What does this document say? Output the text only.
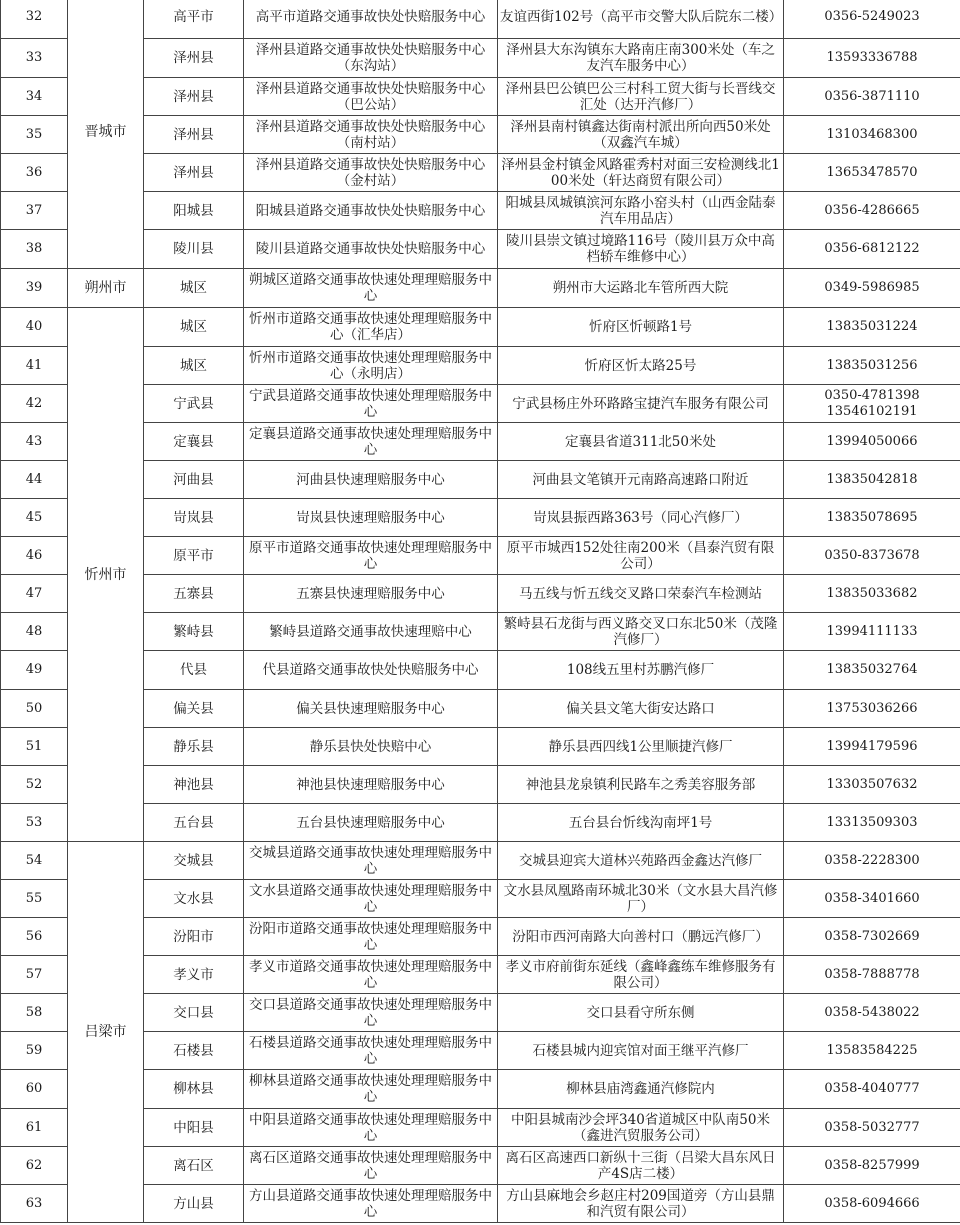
32	晋城市	高平市	高平市道路交通事故快处快赔服务中心	友谊西街102号（高平市交警大队后院东二楼）	0356-5249023
33		泽州县	泽州县道路交通事故快处快赔服务中心（东沟站）	泽州县大东沟镇东大路南庄南300米处（车之友汽车服务中心）	13593336788
34		泽州县	泽州县道路交通事故快处快赔服务中心（巴公站）	泽州县巴公镇巴公三村科工贸大街与长晋线交汇处（达开汽修厂）	0356-3871110
35		泽州县	泽州县道路交通事故快处快赔服务中心（南村站）	泽州县南村镇鑫达街南村派出所向西50米处（双鑫汽车城）	13103468300
36		泽州县	泽州县道路交通事故快处快赔服务中心（金村站）	泽州县金村镇金风路霍秀村对面三安检测线北100米处（轩达商贸有限公司）	13653478570
37		阳城县	阳城县道路交通事故快处快赔服务中心	阳城县凤城镇滨河东路小窑头村（山西金陆泰汽车用品店）	0356-4286665
38		陵川县	陵川县道路交通事故快处快赔服务中心	陵川县崇文镇过境路116号（陵川县万众中高档轿车维修中心）	0356-6812122
39	朔州市	城区	朔城区道路交通事故快速处理理赔服务中心	朔州市大运路北车管所西大院	0349-5986985
40	忻州市	城区	忻州市道路交通事故快速处理理赔服务中心（汇华店）	忻府区忻顿路1号	13835031224
41		城区	忻州市道路交通事故快速处理理赔服务中心（永明店）	忻府区忻太路25号	13835031256
42		宁武县	宁武县道路交通事故快速处理理赔服务中心	宁武县杨庄外环路路宝捷汽车服务有限公司	0350-4781398
13546102191
43		定襄县	定襄县道路交通事故快速处理理赔服务中心	定襄县省道311北50米处	13994050066
44		河曲县	河曲县快速理赔服务中心	河曲县文笔镇开元南路高速路口附近	13835042818
45		岢岚县	岢岚县快速理赔服务中心	岢岚县振西路363号（同心汽修厂）	13835078695
46		原平市	原平市道路交通事故快速处理理赔服务中心	原平市城西152处往南200米（昌泰汽贸有限公司）	0350-8373678
47		五寨县	五寨县快速理赔服务中心	马五线与忻五线交叉路口荣泰汽车检测站	13835033682
48		繁峙县	繁峙县道路交通事故快速理赔中心	繁峙县石龙街与西义路交叉口东北50米（茂隆汽修厂）	13994111133
49		代县	代县道路交通事故快处快赔服务中心	108线五里村苏鹏汽修厂	13835032764
50		偏关县	偏关县快速理赔服务中心	偏关县文笔大街安达路口	13753036266
51		静乐县	静乐县快处快赔中心	静乐县西四线1公里顺捷汽修厂	13994179596
52		神池县	神池县快速理赔服务中心	神池县龙泉镇利民路车之秀美容服务部	13303507632
53		五台县	五台县快速理赔服务中心	五台县台忻线沟南坪1号	13313509303
54	吕梁市	交城县	交城县道路交通事故快速处理理赔服务中心	交城县迎宾大道林兴苑路西金鑫达汽修厂	0358-2228300
55		文水县	文水县道路交通事故快速处理理赔服务中心	文水县凤凰路南环城北30米（文水县大昌汽修厂）	0358-3401660
56		汾阳市	汾阳市道路交通事故快速处理理赔服务中心	汾阳市西河南路大向善村口（鹏远汽修厂）	0358-7302669
57		孝义市	孝义市道路交通事故快速处理理赔服务中心	孝义市府前街东延线（鑫峰鑫练车维修服务有限公司）	0358-7888778
58		交口县	交口县道路交通事故快速处理理赔服务中心	交口县看守所东侧	0358-5438022
59		石楼县	石楼县道路交通事故快速处理理赔服务中心	石楼县城内迎宾馆对面王继平汽修厂	13583584225
60		柳林县	柳林县道路交通事故快速处理理赔服务中心	柳林县庙湾鑫通汽修院内	0358-4040777
61		中阳县	中阳县道路交通事故快速处理理赔服务中心	中阳县城南沙会坪340省道城区中队南50米（鑫进汽贸服务公司）	0358-5032777
62		离石区	离石区道路交通事故快速处理理赔服务中心	离石区高速西口新纵十三街（吕梁大昌东风日产4S店二楼）	0358-8257999
63		方山县	方山县道路交通事故快速处理理赔服务中心	方山县麻地会乡赵庄村209国道旁（方山县鼎和汽贸有限公司）	0358-6094666
